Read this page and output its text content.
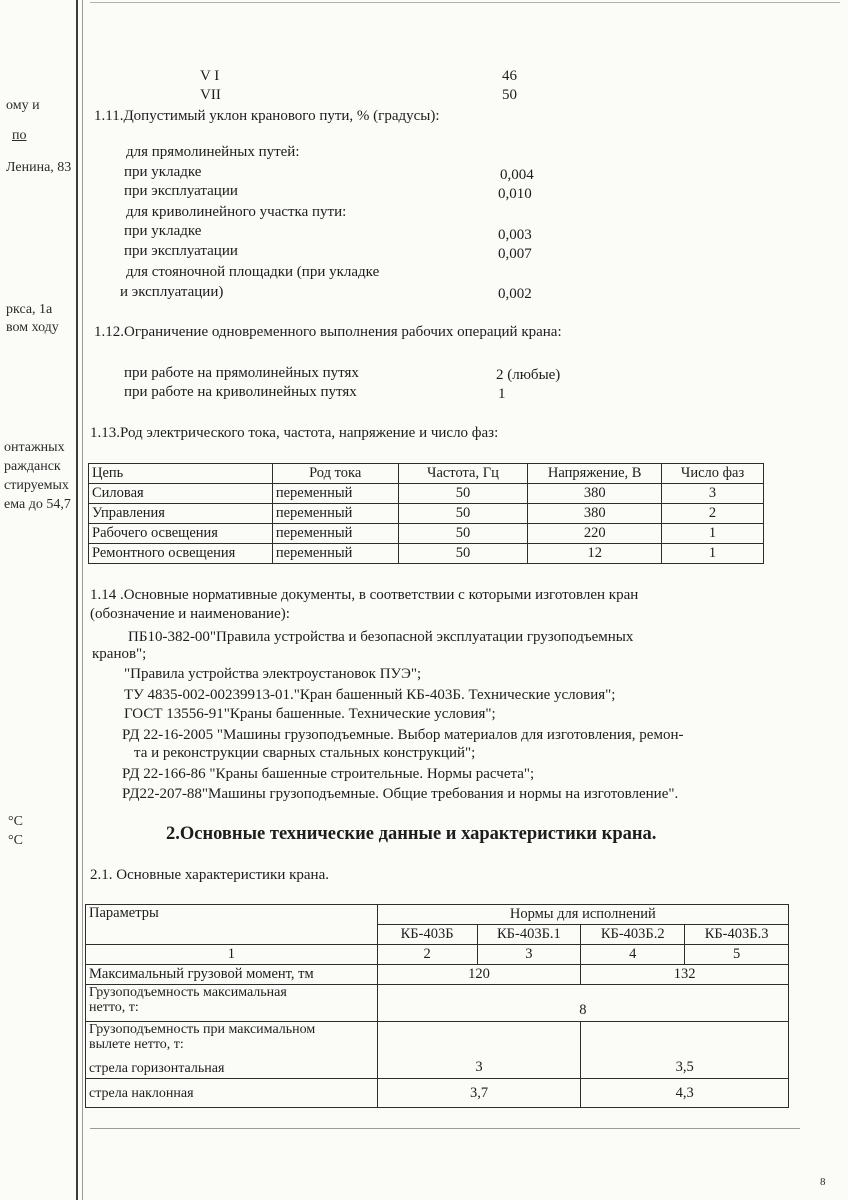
ому и
по
Ленина, 83
ркса, 1а
вом ходу
онтажных
ражданск
стируемых
ема до 54,7
°С
°С
V I	46
VII	50
1.11.Допустимый уклон кранового пути, % (градусы):
для прямолинейных путей:
при укладке	0,004
при эксплуатации	0,010
для криволинейного участка пути:
при укладке	0,003
при эксплуатации	0,007
для стояночной площадки (при укладке
и эксплуатации)	0,002
1.12.Ограничение одновременного выполнения рабочих операций крана:
при работе на прямолинейных путях	2 (любые)
при работе на криволинейных путях	1
1.13.Род электрического тока, частота, напряжение и число фаз:
Цепь	Род тока	Частота, Гц	Напряжение, В	Число фаз
Силовая	переменный	50	380	3
Управления	переменный	50	380	2
Рабочего освещения	переменный	50	220	1
Ремонтного освещения	переменный	50	12	1
1.14 .Основные нормативные документы, в соответствии с которыми изготовлен кран
(обозначение и наименование):
ПБ10-382-00"Правила устройства и безопасной эксплуатации грузоподъемных
кранов";
"Правила устройства электроустановок ПУЭ";
ТУ 4835-002-00239913-01."Кран башенный КБ-403Б. Технические условия";
ГОСТ 13556-91"Краны башенные. Технические условия";
РД 22-16-2005 "Машины грузоподъемные. Выбор материалов для изготовления, ремон-
та и реконструкции сварных стальных конструкций";
РД 22-166-86 "Краны башенные строительные. Нормы расчета";
РД22-207-88"Машины грузоподъемные. Общие требования и нормы на изготовление".
2.Основные технические данные и характеристики крана.
2.1. Основные характеристики крана.
Параметры	Нормы для исполнений			
	КБ-403Б	КБ-403Б.1	КБ-403Б.2	КБ-403Б.3
1	2	3	4	5
Максимальный грузовой момент, тм	120		132	
Грузоподъемность максимальная
нетто, т:	8			
Грузоподъемность при максимальном
вылете нетто, т:
стрела горизонтальная	3		3,5	
стрела наклонная	3,7		4,3	
8
